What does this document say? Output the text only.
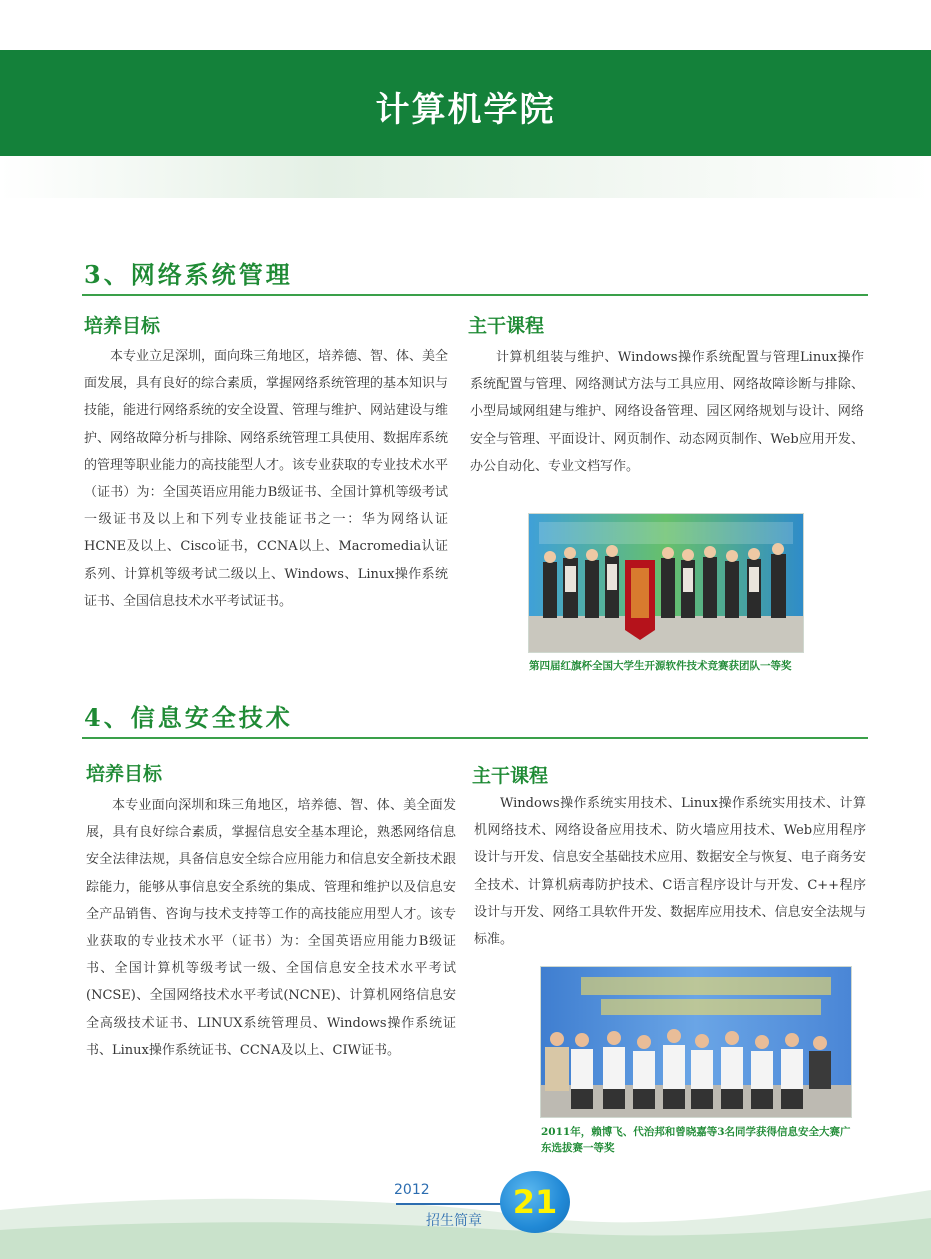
计算机学院
3、网络系统管理
培养目标

本专业立足深圳，面向珠三角地区，培养德、智、体、美全面发展，具有良好的综合素质，掌握网络系统管理的基本知识与技能，能进行网络系统的安全设置、管理与维护、网站建设与维护、网络故障分析与排除、网络系统管理工具使用、数据库系统的管理等职业能力的高技能型人才。该专业获取的专业技术水平（证书）为：全国英语应用能力B级证书、全国计算机等级考试一级证书及以上和下列专业技能证书之一：华为网络认证HCNE及以上、Cisco证书，CCNA以上、Macromedia认证系列、计算机等级考试二级以上、Windows、Linux操作系统证书、全国信息技术水平考试证书。

主干课程

计算机组装与维护、Windows操作系统配置与管理Linux操作系统配置与管理、网络测试方法与工具应用、网络故障诊断与排除、小型局域网组建与维护、网络设备管理、园区网络规划与设计、网络安全与管理、平面设计、网页制作、动态网页制作、Web应用开发、办公自动化、专业文档写作。

第四届红旗杯全国大学生开源软件技术竞赛获团队一等奖

4、信息安全技术
培养目标

本专业面向深圳和珠三角地区，培养德、智、体、美全面发展，具有良好综合素质，掌握信息安全基本理论，熟悉网络信息安全法律法规，具备信息安全综合应用能力和信息安全新技术跟踪能力，能够从事信息安全系统的集成、管理和维护以及信息安全产品销售、咨询与技术支持等工作的高技能应用型人才。该专业获取的专业技术水平（证书）为：全国英语应用能力B级证书、全国计算机等级考试一级、全国信息安全技术水平考试(NCSE)、全国网络技术水平考试(NCNE)、计算机网络信息安全高级技术证书、LINUX系统管理员、Windows操作系统证书、Linux操作系统证书、CCNA及以上、CIW证书。

主干课程

Windows操作系统实用技术、Linux操作系统实用技术、计算机网络技术、网络设备应用技术、防火墙应用技术、Web应用程序设计与开发、信息安全基础技术应用、数据安全与恢复、电子商务安全技术、计算机病毒防护技术、C语言程序设计与开发、C++程序设计与开发、网络工具软件开发、数据库应用技术、信息安全法规与标准。

2011年，赖博飞、代治邦和曾晓嘉等3名同学获得信息安全大赛广东选拔赛一等奖

2012
招生简章 21
